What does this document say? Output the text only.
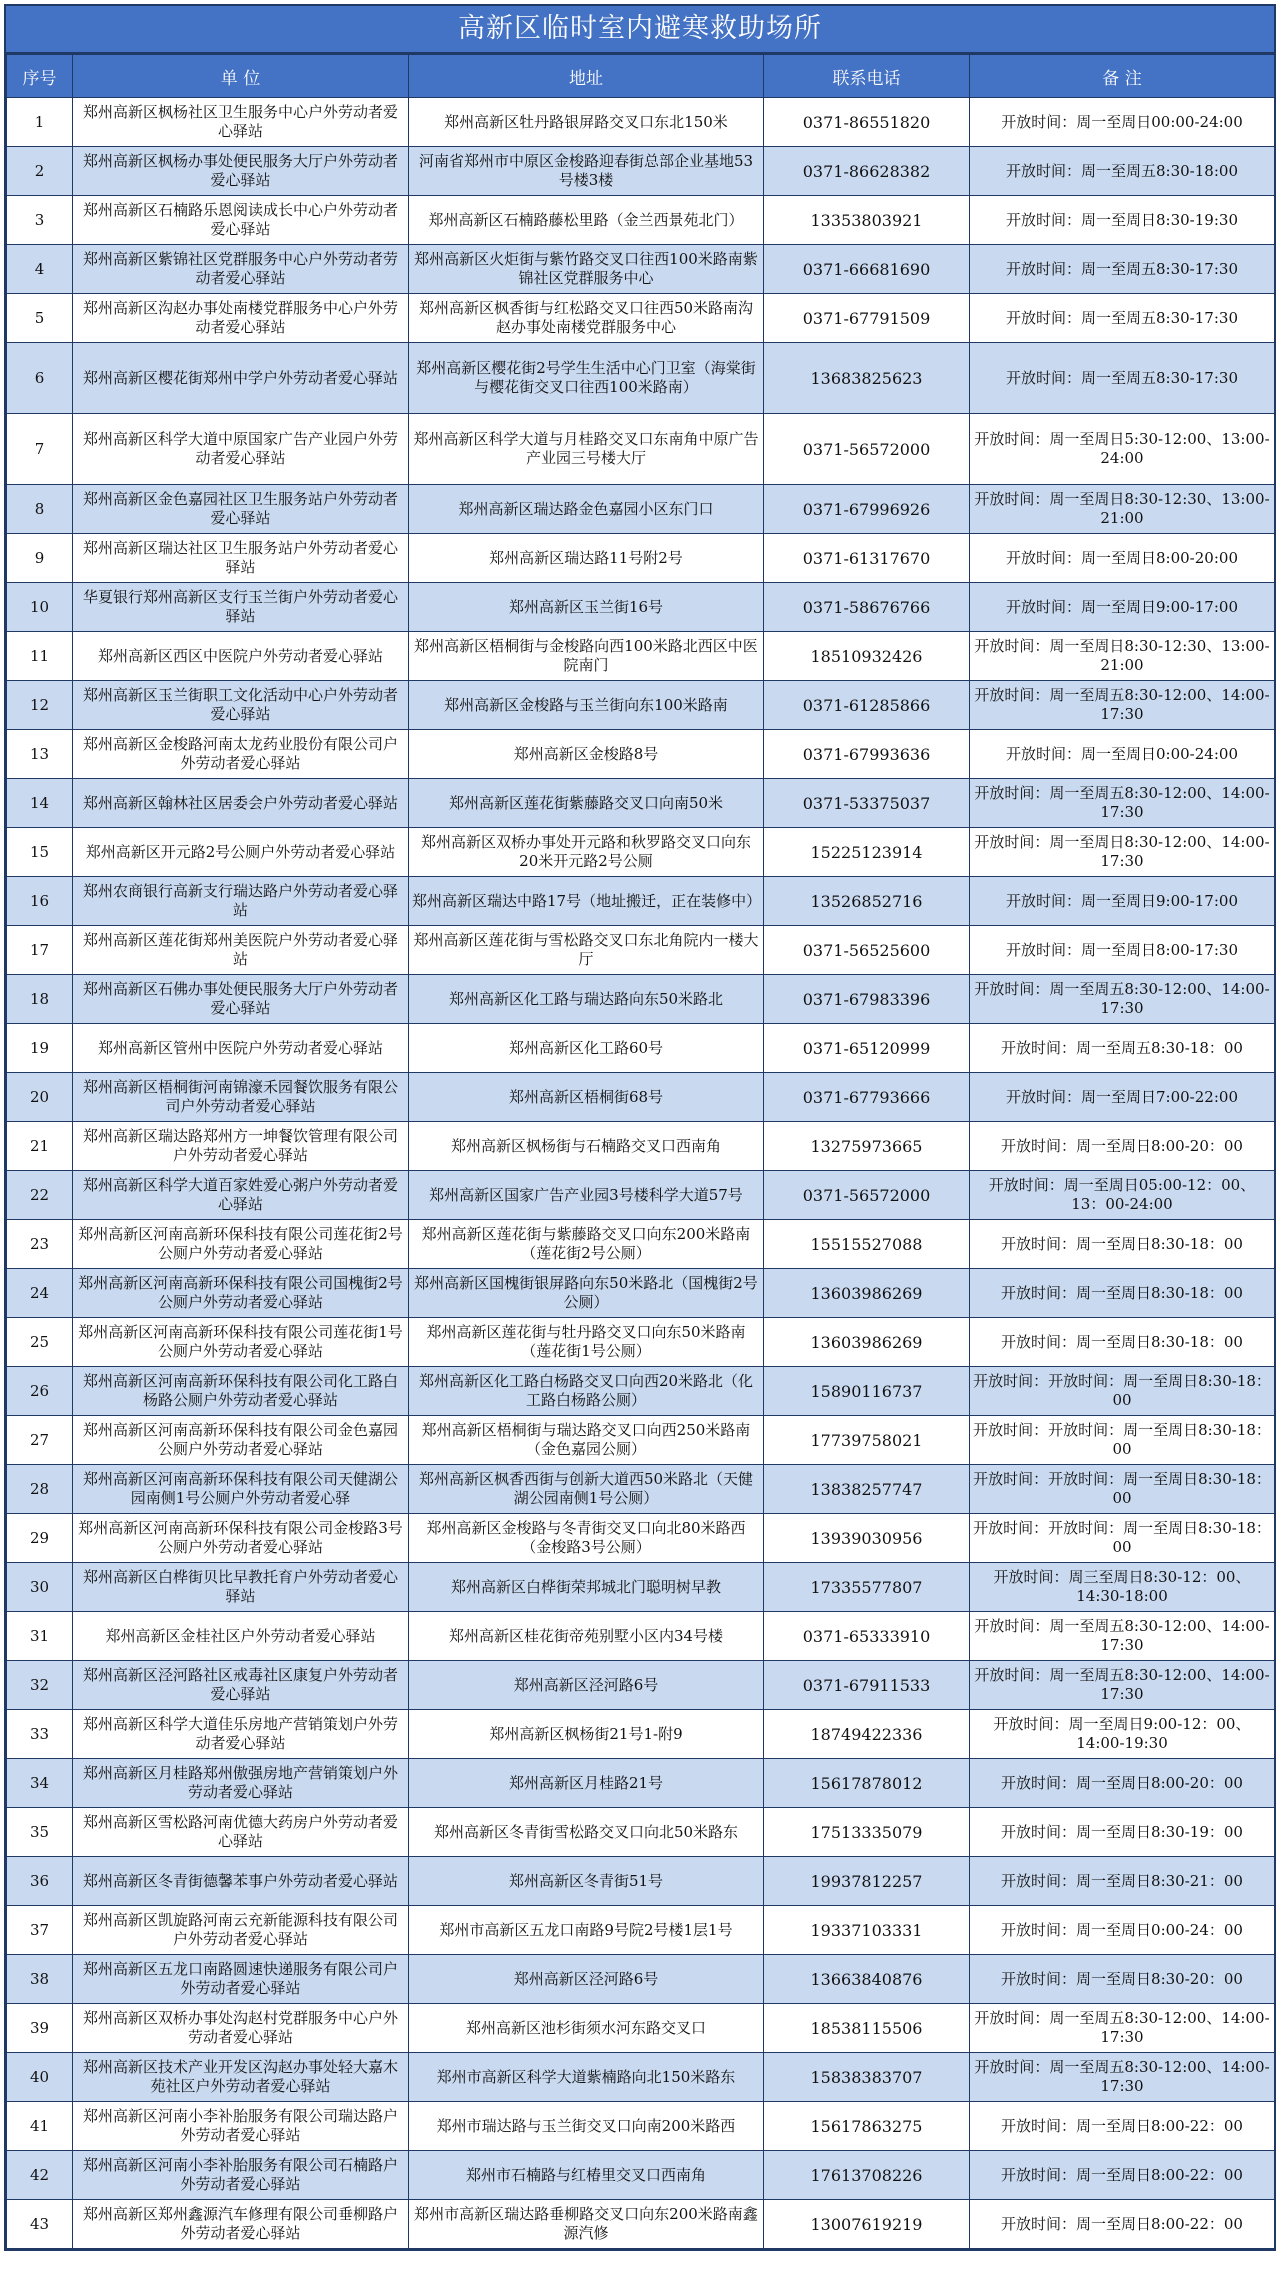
高新区临时室内避寒救助场所
序号	单 位	地址	联系电话	备 注
1	郑州高新区枫杨社区卫生服务中心户外劳动者爱心驿站	郑州高新区牡丹路银屏路交叉口东北150米	0371-86551820	开放时间：周一至周日00:00-24:00
2	郑州高新区枫杨办事处便民服务大厅户外劳动者爱心驿站	河南省郑州市中原区金梭路迎春街总部企业基地53号楼3楼	0371-86628382	开放时间：周一至周五8:30-18:00
3	郑州高新区石楠路乐恩阅读成长中心户外劳动者爱心驿站	郑州高新区石楠路藤松里路（金兰西景苑北门）	13353803921	开放时间：周一至周日8:30-19:30
4	郑州高新区紫锦社区党群服务中心户外劳动者劳动者爱心驿站	郑州高新区火炬街与紫竹路交叉口往西100米路南紫锦社区党群服务中心	0371-66681690	开放时间：周一至周五8:30-17:30
5	郑州高新区沟赵办事处南楼党群服务中心户外劳动者爱心驿站	郑州高新区枫香街与红松路交叉口往西50米路南沟赵办事处南楼党群服务中心	0371-67791509	开放时间：周一至周五8:30-17:30
6	郑州高新区樱花街郑州中学户外劳动者爱心驿站	郑州高新区樱花街2号学生生活中心门卫室（海棠街与樱花街交叉口往西100米路南）	13683825623	开放时间：周一至周五8:30-17:30
7	郑州高新区科学大道中原国家广告产业园户外劳动者爱心驿站	郑州高新区科学大道与月桂路交叉口东南角中原广告产业园三号楼大厅	0371-56572000	开放时间：周一至周日5:30-12:00、13:00-24:00
8	郑州高新区金色嘉园社区卫生服务站户外劳动者爱心驿站	郑州高新区瑞达路金色嘉园小区东门口	0371-67996926	开放时间：周一至周日8:30-12:30、13:00-21:00
9	郑州高新区瑞达社区卫生服务站户外劳动者爱心驿站	郑州高新区瑞达路11号附2号	0371-61317670	开放时间：周一至周日8:00-20:00
10	华夏银行郑州高新区支行玉兰街户外劳动者爱心驿站	郑州高新区玉兰街16号	0371-58676766	开放时间：周一至周日9:00-17:00
11	郑州高新区西区中医院户外劳动者爱心驿站	郑州高新区梧桐街与金梭路向西100米路北西区中医院南门	18510932426	开放时间：周一至周日8:30-12:30、13:00-21:00
12	郑州高新区玉兰街职工文化活动中心户外劳动者爱心驿站	郑州高新区金梭路与玉兰街向东100米路南	0371-61285866	开放时间：周一至周五8:30-12:00、14:00-17:30
13	郑州高新区金梭路河南太龙药业股份有限公司户外劳动者爱心驿站	郑州高新区金梭路8号	0371-67993636	开放时间：周一至周日0:00-24:00
14	郑州高新区翰林社区居委会户外劳动者爱心驿站	郑州高新区莲花街紫藤路交叉口向南50米	0371-53375037	开放时间：周一至周五8:30-12:00、14:00-17:30
15	郑州高新区开元路2号公厕户外劳动者爱心驿站	郑州高新区双桥办事处开元路和秋罗路交叉口向东20米开元路2号公厕	15225123914	开放时间：周一至周日8:30-12:00、14:00-17:30
16	郑州农商银行高新支行瑞达路户外劳动者爱心驿站	郑州高新区瑞达中路17号（地址搬迁，正在装修中）	13526852716	开放时间：周一至周日9:00-17:00
17	郑州高新区莲花街郑州美医院户外劳动者爱心驿站	郑州高新区莲花街与雪松路交叉口东北角院内一楼大厅	0371-56525600	开放时间：周一至周日8:00-17:30
18	郑州高新区石佛办事处便民服务大厅户外劳动者爱心驿站	郑州高新区化工路与瑞达路向东50米路北	0371-67983396	开放时间：周一至周五8:30-12:00、14:00-17:30
19	郑州高新区管州中医院户外劳动者爱心驿站	郑州高新区化工路60号	0371-65120999	开放时间：周一至周五8:30-18：00
20	郑州高新区梧桐街河南锦濠禾园餐饮服务有限公司户外劳动者爱心驿站	郑州高新区梧桐街68号	0371-67793666	开放时间：周一至周日7:00-22:00
21	郑州高新区瑞达路郑州方一坤餐饮管理有限公司户外劳动者爱心驿站	郑州高新区枫杨街与石楠路交叉口西南角	13275973665	开放时间：周一至周日8:00-20：00
22	郑州高新区科学大道百家姓爱心粥户外劳动者爱心驿站	郑州高新区国家广告产业园3号楼科学大道57号	0371-56572000	开放时间：周一至周日05:00-12：00、13：00-24:00
23	郑州高新区河南高新环保科技有限公司莲花街2号公厕户外劳动者爱心驿站	郑州高新区莲花街与紫藤路交叉口向东200米路南（莲花街2号公厕）	15515527088	开放时间：周一至周日8:30-18：00
24	郑州高新区河南高新环保科技有限公司国槐街2号公厕户外劳动者爱心驿站	郑州高新区国槐街银屏路向东50米路北（国槐街2号公厕）	13603986269	开放时间：周一至周日8:30-18：00
25	郑州高新区河南高新环保科技有限公司莲花街1号公厕户外劳动者爱心驿站	郑州高新区莲花街与牡丹路交叉口向东50米路南（莲花街1号公厕）	13603986269	开放时间：周一至周日8:30-18：00
26	郑州高新区河南高新环保科技有限公司化工路白杨路公厕户外劳动者爱心驿站	郑州高新区化工路白杨路交叉口向西20米路北（化工路白杨路公厕）	15890116737	开放时间：开放时间：周一至周日8:30-18：00
27	郑州高新区河南高新环保科技有限公司金色嘉园公厕户外劳动者爱心驿站	郑州高新区梧桐街与瑞达路交叉口向西250米路南（金色嘉园公厕）	17739758021	开放时间：开放时间：周一至周日8:30-18：00
28	郑州高新区河南高新环保科技有限公司天健湖公园南侧1号公厕户外劳动者爱心驿	郑州高新区枫香西街与创新大道西50米路北（天健湖公园南侧1号公厕）	13838257747	开放时间：开放时间：周一至周日8:30-18：00
29	郑州高新区河南高新环保科技有限公司金梭路3号公厕户外劳动者爱心驿站	郑州高新区金梭路与冬青街交叉口向北80米路西（金梭路3号公厕）	13939030956	开放时间：开放时间：周一至周日8:30-18：00
30	郑州高新区白桦街贝比早教托育户外劳动者爱心驿站	郑州高新区白桦街荣邦城北门聪明树早教	17335577807	开放时间：周三至周日8:30-12：00、14:30-18:00
31	郑州高新区金桂社区户外劳动者爱心驿站	郑州高新区桂花街帝苑别墅小区内34号楼	0371-65333910	开放时间：周一至周五8:30-12:00、14:00-17:30
32	郑州高新区泾河路社区戒毒社区康复户外劳动者爱心驿站	郑州高新区泾河路6号	0371-67911533	开放时间：周一至周五8:30-12:00、14:00-17:30
33	郑州高新区科学大道佳乐房地产营销策划户外劳动者爱心驿站	郑州高新区枫杨街21号1-附9	18749422336	开放时间：周一至周日9:00-12：00、14:00-19:30
34	郑州高新区月桂路郑州傲强房地产营销策划户外劳动者爱心驿站	郑州高新区月桂路21号	15617878012	开放时间：周一至周日8:00-20：00
35	郑州高新区雪松路河南优德大药房户外劳动者爱心驿站	郑州高新区冬青街雪松路交叉口向北50米路东	17513335079	开放时间：周一至周日8:30-19：00
36	郑州高新区冬青街德馨苯事户外劳动者爱心驿站	郑州高新区冬青街51号	19937812257	开放时间：周一至周日8:30-21：00
37	郑州高新区凯旋路河南云充新能源科技有限公司户外劳动者爱心驿站	郑州市高新区五龙口南路9号院2号楼1层1号	19337103331	开放时间：周一至周日0:00-24：00
38	郑州高新区五龙口南路圆速快递服务有限公司户外劳动者爱心驿站	郑州高新区泾河路6号	13663840876	开放时间：周一至周日8:30-20：00
39	郑州高新区双桥办事处沟赵村党群服务中心户外劳动者爱心驿站	郑州高新区池杉街须水河东路交叉口	18538115506	开放时间：周一至周五8:30-12:00、14:00-17:30
40	郑州高新区技术产业开发区沟赵办事处轻大嘉木苑社区户外劳动者爱心驿站	郑州市高新区科学大道紫楠路向北150米路东	15838383707	开放时间：周一至周五8:30-12:00、14:00-17:30
41	郑州高新区河南小李补胎服务有限公司瑞达路户外劳动者爱心驿站	郑州市瑞达路与玉兰街交叉口向南200米路西	15617863275	开放时间：周一至周日8:00-22：00
42	郑州高新区河南小李补胎服务有限公司石楠路户外劳动者爱心驿站	郑州市石楠路与红椿里交叉口西南角	17613708226	开放时间：周一至周日8:00-22：00
43	郑州高新区郑州鑫源汽车修理有限公司垂柳路户外劳动者爱心驿站	郑州市高新区瑞达路垂柳路交叉口向东200米路南鑫源汽修	13007619219	开放时间：周一至周日8:00-22：00
